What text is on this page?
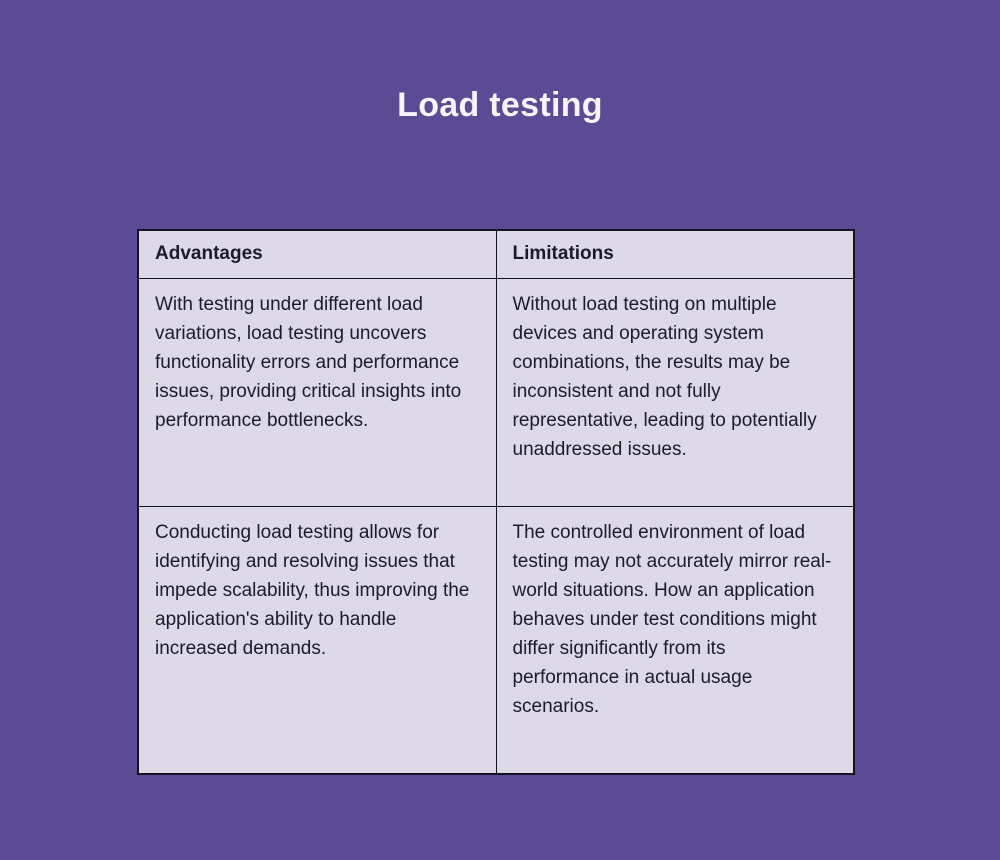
Load testing
Advantages	Limitations
With testing under different load variations, load testing uncovers functionality errors and performance issues, providing critical insights into performance bottlenecks.	Without load testing on multiple devices and operating system combinations, the results may be inconsistent and not fully representative, leading to potentially unaddressed issues.
Conducting load testing allows for identifying and resolving issues that impede scalability, thus improving the application's ability to handle increased demands.	The controlled environment of load testing may not accurately mirror real-world situations. How an application behaves under test conditions might differ significantly from its performance in actual usage scenarios.
